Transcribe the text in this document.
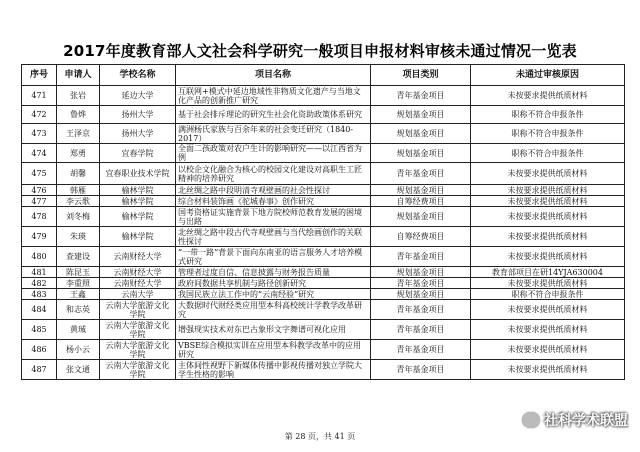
2017年度教育部人文社会科学研究一般项目申报材料审核未通过情况一览表
序号	申请人	学校名称	项目名称	项目类别	未通过审核原因
471	张岩	延边大学	互联网+模式中延边地域性非物质文化遗产与当地文化产品的创新推广研究	青年基金项目	未按要求提供纸质材料
472	鲁烨	扬州大学	基于社会排斥理论的研究生社会化资助政策体系研究	规划基金项目	职称不符合申报条件
473	王泽京	扬州大学	满洲杨氏家族与百余年来的社会变迁研究（1840-2017）	规划基金项目	职称不符合申报条件
474	郑勇	宜春学院	全面二孩政策对农户生计的影响研究——以江西省为例	规划基金项目	职称不符合申报条件
475	胡馨	宜春职业技术学院	以校企文化融合为核心的校园文化建设对高职生工匠精神的培养研究	青年基金项目	未按要求提供纸质材料
476	韩雁	榆林学院	北丝绸之路中段明清寺观壁画的社会性探讨	规划基金项目	未按要求提供纸质材料
477	李云歌	榆林学院	综合材料装饰画《驼城春事》创作研究	自筹经费项目	未按要求提供纸质材料
478	刘冬梅	榆林学院	国考资格证实施背景下地方院校师范教育发展的困境与出路	规划基金项目	未按要求提供纸质材料
479	朱瑛	榆林学院	北丝绸之路中段古代寺观壁画与当代绘画创作的关联性探讨	自筹经费项目	未按要求提供纸质材料
480	查建设	云南财经大学	“一带一路”背景下面向东南亚的语言服务人才培养模式研究	青年基金项目	未按要求提供纸质材料
481	陈昆玉	云南财经大学	管理者过度自信、信息披露与财务报告质量	规划基金项目	教育部项目在研14YJA630004
482	李重照	云南财经大学	政府间数据共享机制与路径创新研究	青年基金项目	未按要求提供纸质材料
483	王鑫	云南大学	我国民族立法工作中的“云南经验”研究	规划基金项目	职称不符合申报条件
484	和志英	云南大学旅游文化学院	大数据时代财经类应用型本科高校统计学教学改革研究	青年基金项目	未按要求提供纸质材料
485	黄珹	云南大学旅游文化学院	增强现实技术对东巴古象形文字舞谱可视化应用	青年基金项目	未按要求提供纸质材料
486	杨小云	云南大学旅游文化学院	VBSE综合模拟实训在应用型本科教学改革中的应用研究	青年基金项目	未按要求提供纸质材料
487	张文通	云南大学旅游文化学院	主体间性视野下新媒体传播中影视传播对独立学院大学生性格的影响	青年基金项目	未按要求提供纸质材料
第 28 页，共 41 页
社科学术联盟
